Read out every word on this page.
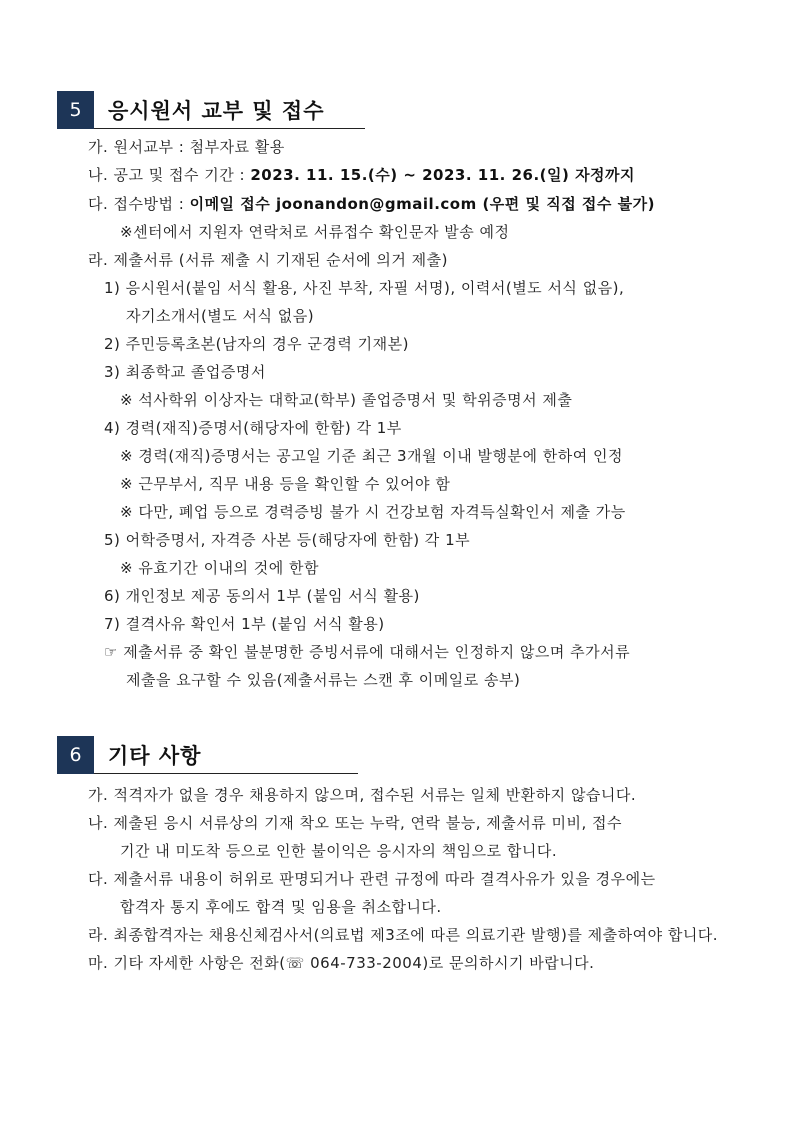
5	응시원서 교부 및 접수
가. 원서교부 : 첨부자료 활용
나. 공고 및 접수 기간 : 2023. 11. 15.(수) ~ 2023. 11. 26.(일) 자정까지
다. 접수방법 : 이메일 접수 joonandon@gmail.com (우편 및 직접 접수 불가)
※센터에서 지원자 연락처로 서류접수 확인문자 발송 예정
라. 제출서류 (서류 제출 시 기재된 순서에 의거 제출)
1) 응시원서(붙임 서식 활용, 사진 부착, 자필 서명), 이력서(별도 서식 없음),
자기소개서(별도 서식 없음)
2) 주민등록초본(남자의 경우 군경력 기재본)
3) 최종학교 졸업증명서
※ 석사학위 이상자는 대학교(학부) 졸업증명서 및 학위증명서 제출
4) 경력(재직)증명서(해당자에 한함) 각 1부
※ 경력(재직)증명서는 공고일 기준 최근 3개월 이내 발행분에 한하여 인정
※ 근무부서, 직무 내용 등을 확인할 수 있어야 함
※ 다만, 폐업 등으로 경력증빙 불가 시 건강보험 자격득실확인서 제출 가능
5) 어학증명서, 자격증 사본 등(해당자에 한함) 각 1부
※ 유효기간 이내의 것에 한함
6) 개인정보 제공 동의서 1부 (붙임 서식 활용)
7) 결격사유 확인서 1부 (붙임 서식 활용)
☞ 제출서류 중 확인 불분명한 증빙서류에 대해서는 인정하지 않으며 추가서류
제출을 요구할 수 있음(제출서류는 스캔 후 이메일로 송부)
6	기타 사항
가. 적격자가 없을 경우 채용하지 않으며, 접수된 서류는 일체 반환하지 않습니다.
나. 제출된 응시 서류상의 기재 착오 또는 누락, 연락 불능, 제출서류 미비, 접수
기간 내 미도착 등으로 인한 불이익은 응시자의 책임으로 합니다.
다. 제출서류 내용이 허위로 판명되거나 관련 규정에 따라 결격사유가 있을 경우에는
합격자 통지 후에도 합격 및 임용을 취소합니다.
라. 최종합격자는 채용신체검사서(의료법 제3조에 따른 의료기관 발행)를 제출하여야 합니다.
마. 기타 자세한 사항은 전화(☏ 064-733-2004)로 문의하시기 바랍니다.
